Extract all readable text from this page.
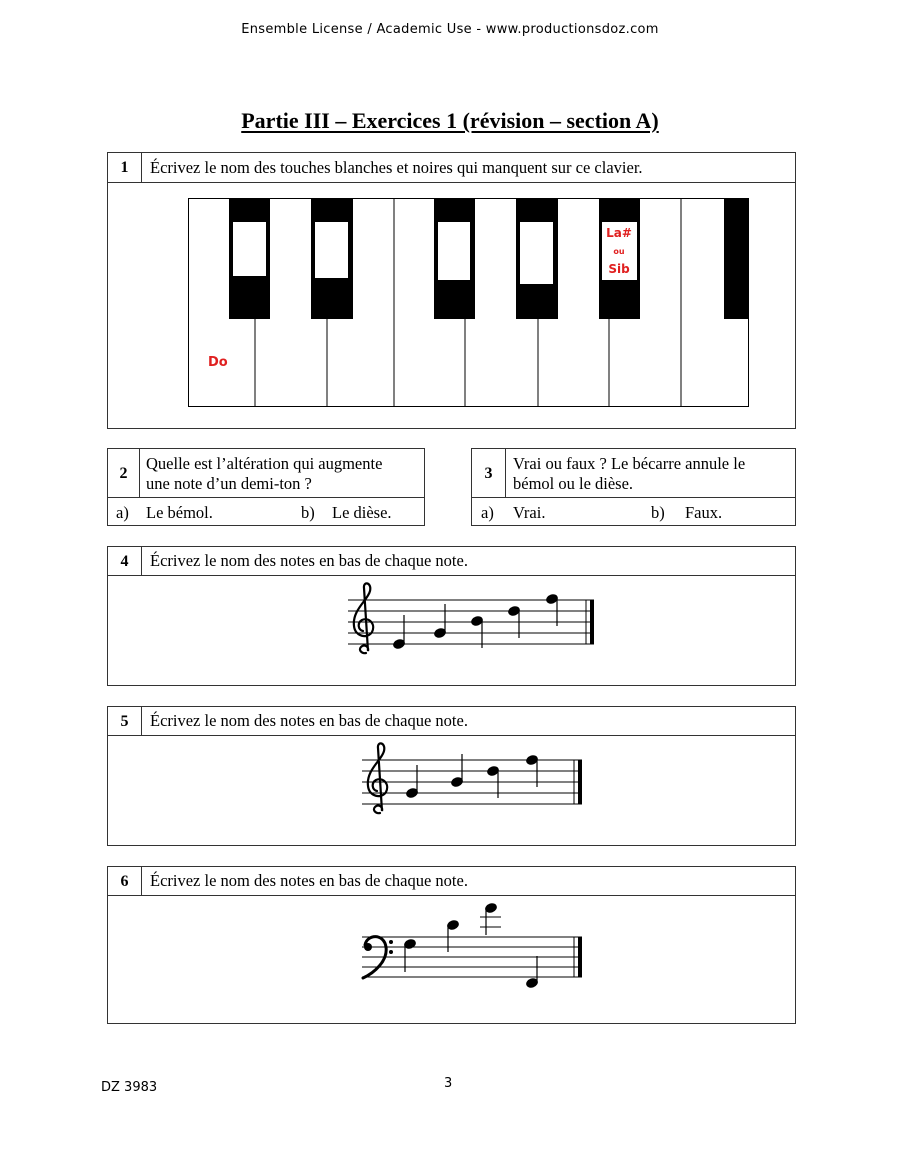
Ensemble License / Academic Use - www.productionsdoz.com
Partie III – Exercices 1 (révision – section A)
1	Écrivez le nom des touches blanches et noires qui manquent sur ce clavier.
La#
ou
Sib
Do
2	Quelle est l’altération qui augmente
une note d’un demi-ton ?
a) Le bémol.	b) Le dièse.
3	Vrai ou faux ? Le bécarre annule le
bémol ou le dièse.
a) Vrai.	b) Faux.
4	Écrivez le nom des notes en bas de chaque note.
5	Écrivez le nom des notes en bas de chaque note.
6	Écrivez le nom des notes en bas de chaque note.
DZ 3983	3
